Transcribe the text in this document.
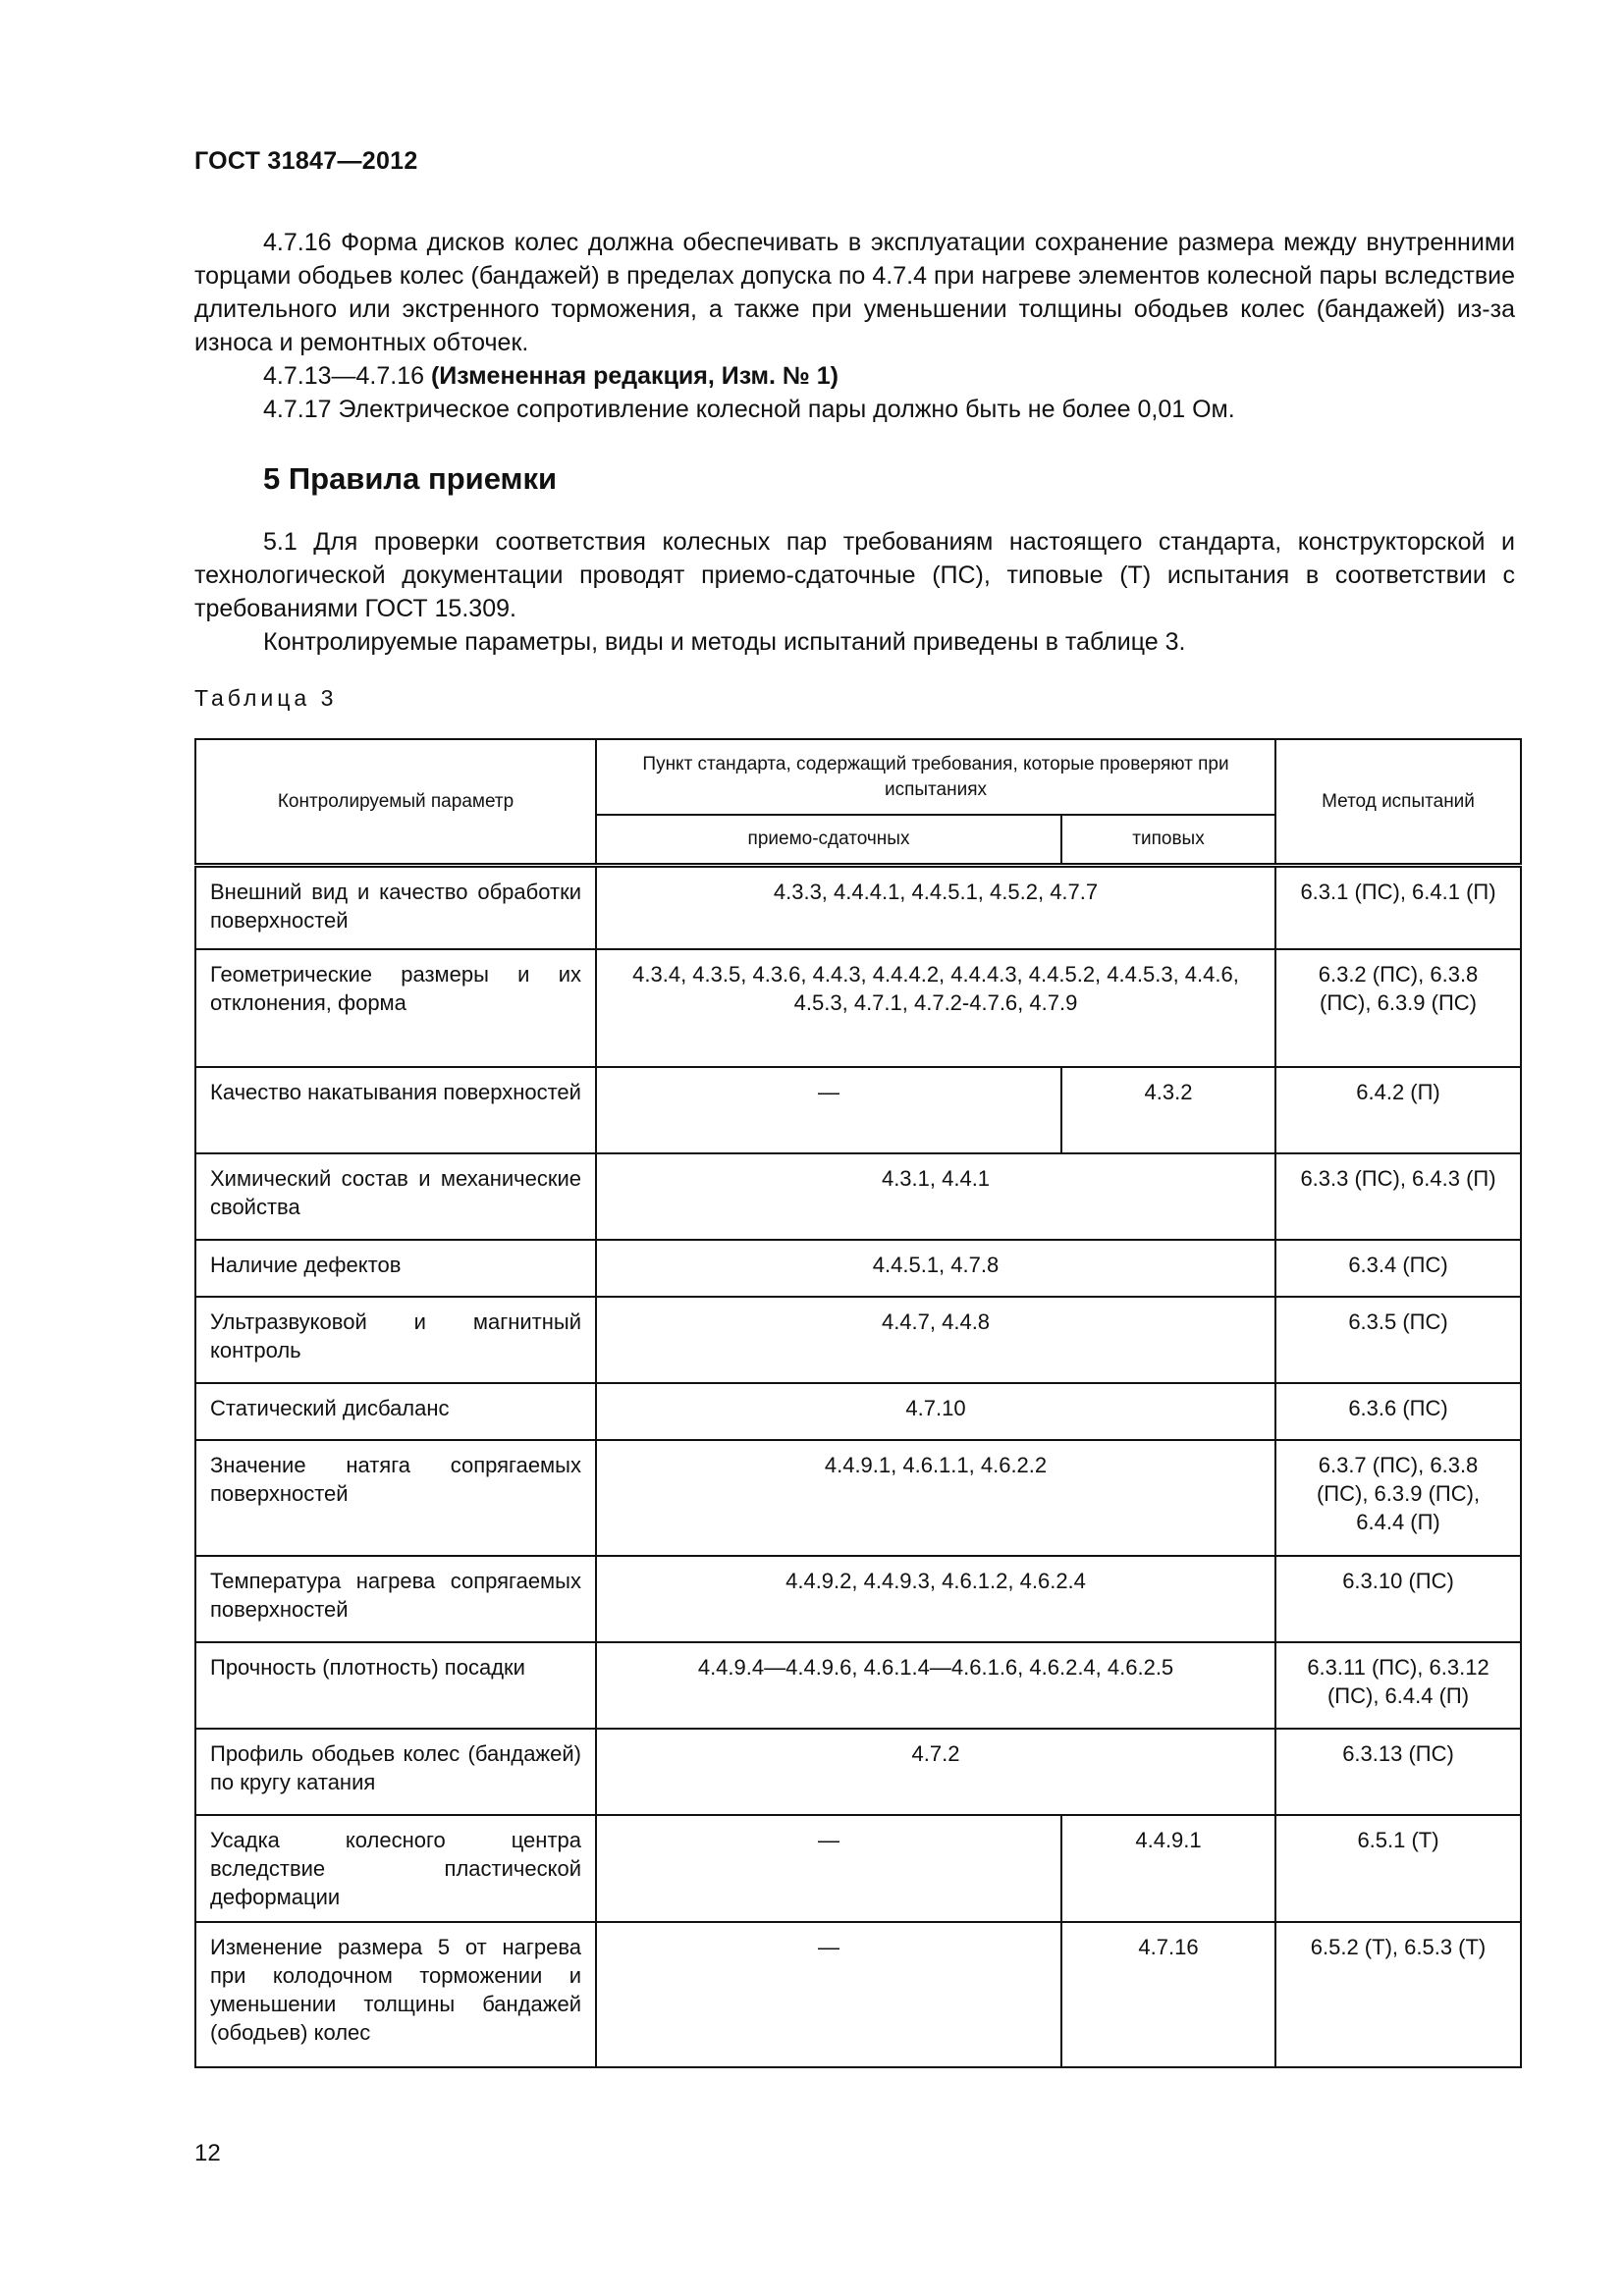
ГОСТ 31847—2012

4.7.16 Форма дисков колес должна обеспечивать в эксплуатации сохранение размера между внутренними торцами ободьев колес (бандажей) в пределах допуска по 4.7.4 при нагреве элементов колесной пары вследствие длительного или экстренного торможения, а также при уменьшении толщины ободьев колес (бандажей) из-за износа и ремонтных обточек.

4.7.13—4.7.16 (Измененная редакция, Изм. № 1)

4.7.17 Электрическое сопротивление колесной пары должно быть не более 0,01 Ом.

5 Правила приемки

5.1 Для проверки соответствия колесных пар требованиям настоящего стандарта, конструкторской и технологической документации проводят приемо-сдаточные (ПС), типовые (Т) испытания в соответствии с требованиями ГОСТ 15.309.

Контролируемые параметры, виды и методы испытаний приведены в таблице 3.

Таблица 3
Контролируемый параметр	Пункт стандарта, содержащий требования, которые проверяют при испытаниях		Метод испытаний
	приемо-сдаточных	типовых	
Внешний вид и качество обработки поверхностей	4.3.3, 4.4.4.1, 4.4.5.1, 4.5.2, 4.7.7		6.3.1 (ПС), 6.4.1 (П)
Геометрические размеры и их отклонения, форма	4.3.4, 4.3.5, 4.3.6, 4.4.3, 4.4.4.2, 4.4.4.3, 4.4.5.2, 4.4.5.3, 4.4.6, 4.5.3, 4.7.1, 4.7.2-4.7.6, 4.7.9		6.3.2 (ПС), 6.3.8 (ПС), 6.3.9 (ПС)
Качество накатывания поверхностей	—	4.3.2	6.4.2 (П)
Химический состав и механические свойства	4.3.1, 4.4.1		6.3.3 (ПС), 6.4.3 (П)
Наличие дефектов	4.4.5.1, 4.7.8		6.3.4 (ПС)
Ультразвуковой и магнитный контроль	4.4.7, 4.4.8		6.3.5 (ПС)
Статический дисбаланс	4.7.10		6.3.6 (ПС)
Значение натяга сопрягаемых поверхностей	4.4.9.1, 4.6.1.1, 4.6.2.2		6.3.7 (ПС), 6.3.8 (ПС), 6.3.9 (ПС), 6.4.4 (П)
Температура нагрева сопрягаемых поверхностей	4.4.9.2, 4.4.9.3, 4.6.1.2, 4.6.2.4		6.3.10 (ПС)
Прочность (плотность) посадки	4.4.9.4—4.4.9.6, 4.6.1.4—4.6.1.6, 4.6.2.4, 4.6.2.5		6.3.11 (ПС), 6.3.12 (ПС), 6.4.4 (П)
Профиль ободьев колес (бандажей) по кругу катания	4.7.2		6.3.13 (ПС)
Усадка колесного центра вследствие пластической деформации	—	4.4.9.1	6.5.1 (Т)
Изменение размера 5 от нагрева при колодочном торможении и уменьшении толщины бандажей (ободьев) колес	—	4.7.16	6.5.2 (Т), 6.5.3 (Т)
12
